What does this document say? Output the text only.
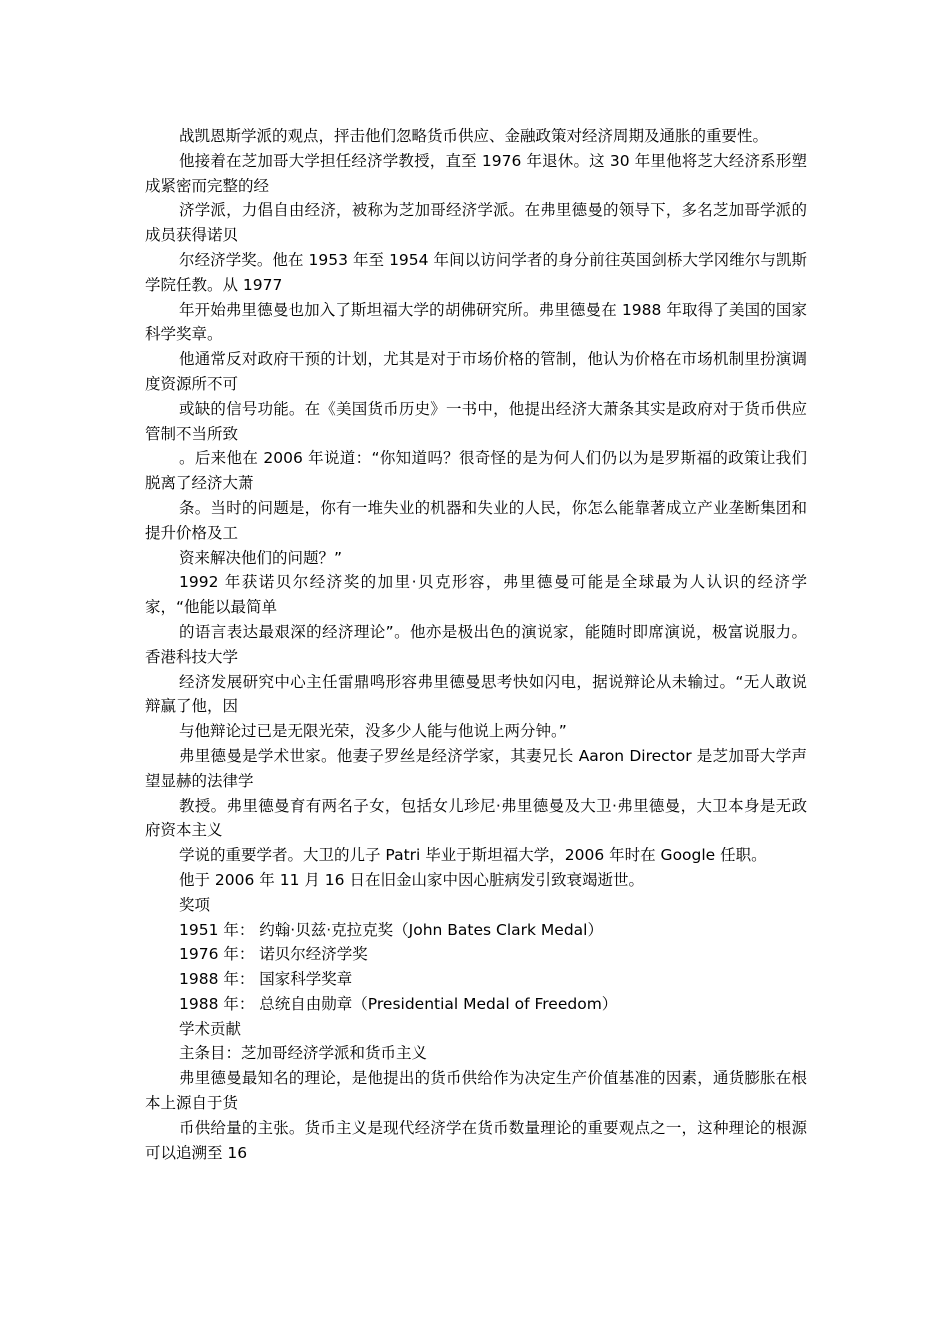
战凯恩斯学派的观点，抨击他们忽略货币供应、金融政策对经济周期及通胀的重要性。

他接着在芝加哥大学担任经济学教授，直至 1976 年退休。这 30 年里他将芝大经济系形塑成紧密而完整的经

济学派，力倡自由经济，被称为芝加哥经济学派。在弗里德曼的领导下，多名芝加哥学派的成员获得诺贝

尔经济学奖。他在 1953 年至 1954 年间以访问学者的身分前往英国剑桥大学冈维尔与凯斯学院任教。从 1977

年开始弗里德曼也加入了斯坦福大学的胡佛研究所。弗里德曼在 1988 年取得了美国的国家科学奖章。

他通常反对政府干预的计划，尤其是对于市场价格的管制，他认为价格在市场机制里扮演调度资源所不可

或缺的信号功能。在《美国货币历史》一书中，他提出经济大萧条其实是政府对于货币供应管制不当所致

。后来他在 2006 年说道：“你知道吗？很奇怪的是为何人们仍以为是罗斯福的政策让我们脱离了经济大萧

条。当时的问题是，你有一堆失业的机器和失业的人民，你怎么能靠著成立产业垄断集团和提升价格及工

资来解决他们的问题？”

1992 年获诺贝尔经济奖的加里·贝克形容，弗里德曼可能是全球最为人认识的经济学家，“他能以最简单

的语言表达最艰深的经济理论”。他亦是极出色的演说家，能随时即席演说，极富说服力。香港科技大学

经济发展研究中心主任雷鼎鸣形容弗里德曼思考快如闪电，据说辩论从未输过。“无人敢说辩赢了他，因

与他辩论过已是无限光荣，没多少人能与他说上两分钟。”

弗里德曼是学术世家。他妻子罗丝是经济学家，其妻兄长 Aaron Director 是芝加哥大学声望显赫的法律学

教授。弗里德曼育有两名子女，包括女儿珍尼·弗里德曼及大卫·弗里德曼，大卫本身是无政府资本主义

学说的重要学者。大卫的儿子 Patri 毕业于斯坦福大学，2006 年时在 Google 任职。

他于 2006 年 11 月 16 日在旧金山家中因心脏病发引致衰竭逝世。

奖项

1951 年： 约翰·贝兹·克拉克奖（John Bates Clark Medal）

1976 年： 诺贝尔经济学奖

1988 年： 国家科学奖章

1988 年： 总统自由勋章（Presidential Medal of Freedom）

学术贡献

主条目：芝加哥经济学派和货币主义

弗里德曼最知名的理论，是他提出的货币供给作为决定生产价值基准的因素，通货膨胀在根本上源自于货

币供给量的主张。货币主义是现代经济学在货币数量理论的重要观点之一，这种理论的根源可以追溯至 16
